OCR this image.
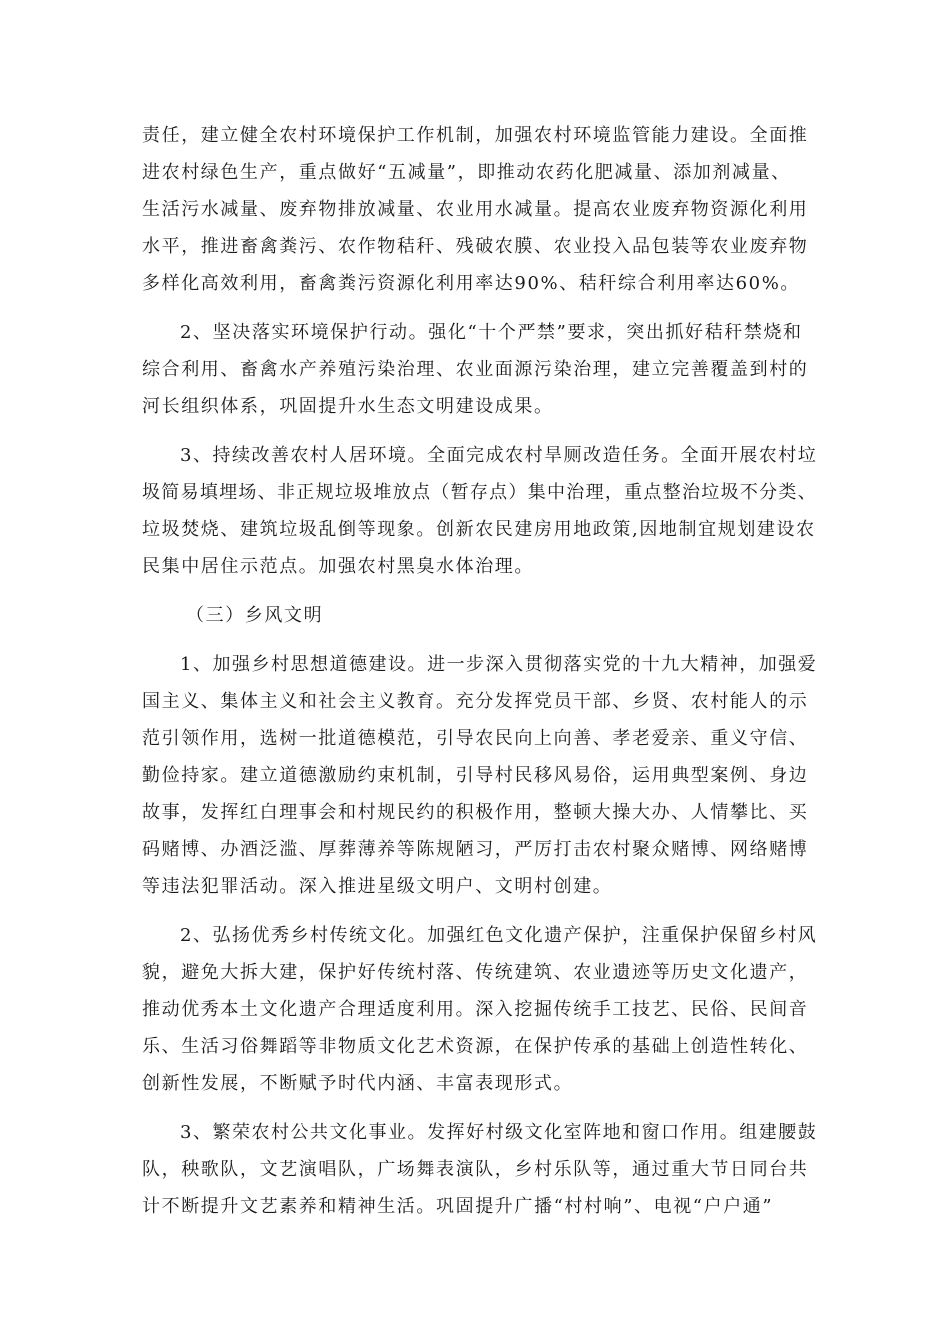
责任，建立健全农村环境保护工作机制，加强农村环境监管能力建设。全面推
进农村绿色生产，重点做好“五减量”，即推动农药化肥减量、添加剂减量、
生活污水减量、废弃物排放减量、农业用水减量。提高农业废弃物资源化利用
水平，推进畜禽粪污、农作物秸秆、残破农膜、农业投入品包装等农业废弃物
多样化高效利用，畜禽粪污资源化利用率达90%、秸秆综合利用率达60%。
2、坚决落实环境保护行动。强化“十个严禁”要求，突出抓好秸秆禁烧和
综合利用、畜禽水产养殖污染治理、农业面源污染治理，建立完善覆盖到村的
河长组织体系，巩固提升水生态文明建设成果。
3、持续改善农村人居环境。全面完成农村旱厕改造任务。全面开展农村垃
圾简易填埋场、非正规垃圾堆放点（暂存点）集中治理，重点整治垃圾不分类、
垃圾焚烧、建筑垃圾乱倒等现象。创新农民建房用地政策,因地制宜规划建设农
民集中居住示范点。加强农村黑臭水体治理。
（三）乡风文明
1、加强乡村思想道德建设。进一步深入贯彻落实党的十九大精神，加强爱
国主义、集体主义和社会主义教育。充分发挥党员干部、乡贤、农村能人的示
范引领作用，选树一批道德模范，引导农民向上向善、孝老爱亲、重义守信、
勤俭持家。建立道德激励约束机制，引导村民移风易俗，运用典型案例、身边
故事，发挥红白理事会和村规民约的积极作用，整顿大操大办、人情攀比、买
码赌博、办酒泛滥、厚葬薄养等陈规陋习，严厉打击农村聚众赌博、网络赌博
等违法犯罪活动。深入推进星级文明户、文明村创建。
2、弘扬优秀乡村传统文化。加强红色文化遗产保护，注重保护保留乡村风
貌，避免大拆大建，保护好传统村落、传统建筑、农业遗迹等历史文化遗产，
推动优秀本土文化遗产合理适度利用。深入挖掘传统手工技艺、民俗、民间音
乐、生活习俗舞蹈等非物质文化艺术资源，在保护传承的基础上创造性转化、
创新性发展，不断赋予时代内涵、丰富表现形式。
3、繁荣农村公共文化事业。发挥好村级文化室阵地和窗口作用。组建腰鼓
队，秧歌队，文艺演唱队，广场舞表演队，乡村乐队等，通过重大节日同台共
计不断提升文艺素养和精神生活。巩固提升广播“村村响”、电视“户户通”
